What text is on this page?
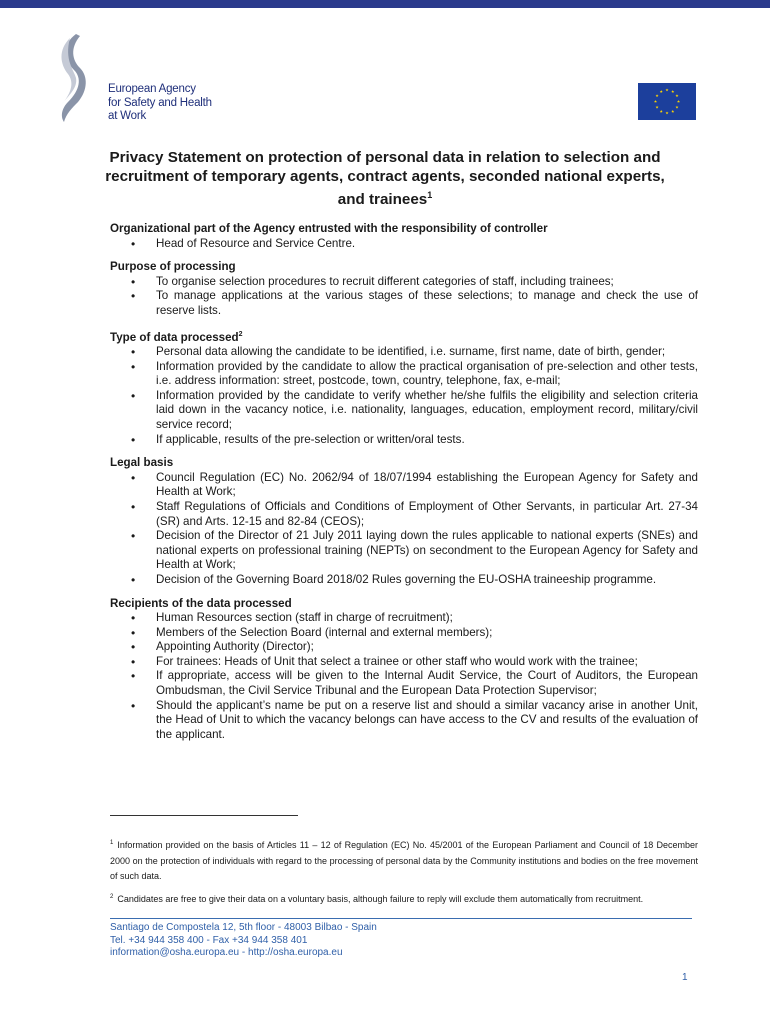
European Agency
for Safety and Health
at Work
Privacy Statement on protection of personal data in relation to selection and recruitment of temporary agents, contract agents, seconded national experts, and trainees$^1$
Organizational part of the Agency entrusted with the responsibility of controller
• Head of Resource and Service Centre.
Purpose of processing
• To organise selection procedures to recruit different categories of staff, including trainees;
• To manage applications at the various stages of these selections; to manage and check the use of reserve lists.
Type of data processed$^2$
• Personal data allowing the candidate to be identified, i.e. surname, first name, date of birth, gender;
• Information provided by the candidate to allow the practical organisation of pre-selection and other tests, i.e. address information: street, postcode, town, country, telephone, fax, e-mail;
• Information provided by the candidate to verify whether he/she fulfils the eligibility and selection criteria laid down in the vacancy notice, i.e. nationality, languages, education, employment record, military/civil service record;
• If applicable, results of the pre-selection or written/oral tests.
Legal basis
• Council Regulation (EC) No. 2062/94 of 18/07/1994 establishing the European Agency for Safety and Health at Work;
• Staff Regulations of Officials and Conditions of Employment of Other Servants, in particular Art. 27-34 (SR) and Arts. 12-15 and 82-84 (CEOS);
• Decision of the Director of 21 July 2011 laying down the rules applicable to national experts (SNEs) and national experts on professional training (NEPTs) on secondment to the European Agency for Safety and Health at Work;
• Decision of the Governing Board 2018/02 Rules governing the EU-OSHA traineeship programme.
Recipients of the data processed
• Human Resources section (staff in charge of recruitment);
• Members of the Selection Board (internal and external members);
• Appointing Authority (Director);
• For trainees: Heads of Unit that select a trainee or other staff who would work with the trainee;
• If appropriate, access will be given to the Internal Audit Service, the Court of Auditors, the European Ombudsman, the Civil Service Tribunal and the European Data Protection Supervisor;
• Should the applicant’s name be put on a reserve list and should a similar vacancy arise in another Unit, the Head of Unit to which the vacancy belongs can have access to the CV and results of the evaluation of the applicant.

$^1$ Information provided on the basis of Articles 11 – 12 of Regulation (EC) No. 45/2001 of the European Parliament and Council of 18 December 2000 on the protection of individuals with regard to the processing of personal data by the Community institutions and bodies on the free movement of such data.

$^2$ Candidates are free to give their data on a voluntary basis, although failure to reply will exclude them automatically from recruitment.

Santiago de Compostela 12, 5th floor - 48003 Bilbao - Spain
Tel. +34 944 358 400 - Fax +34 944 358 401
information@osha.europa.eu - http://osha.europa.eu
1
